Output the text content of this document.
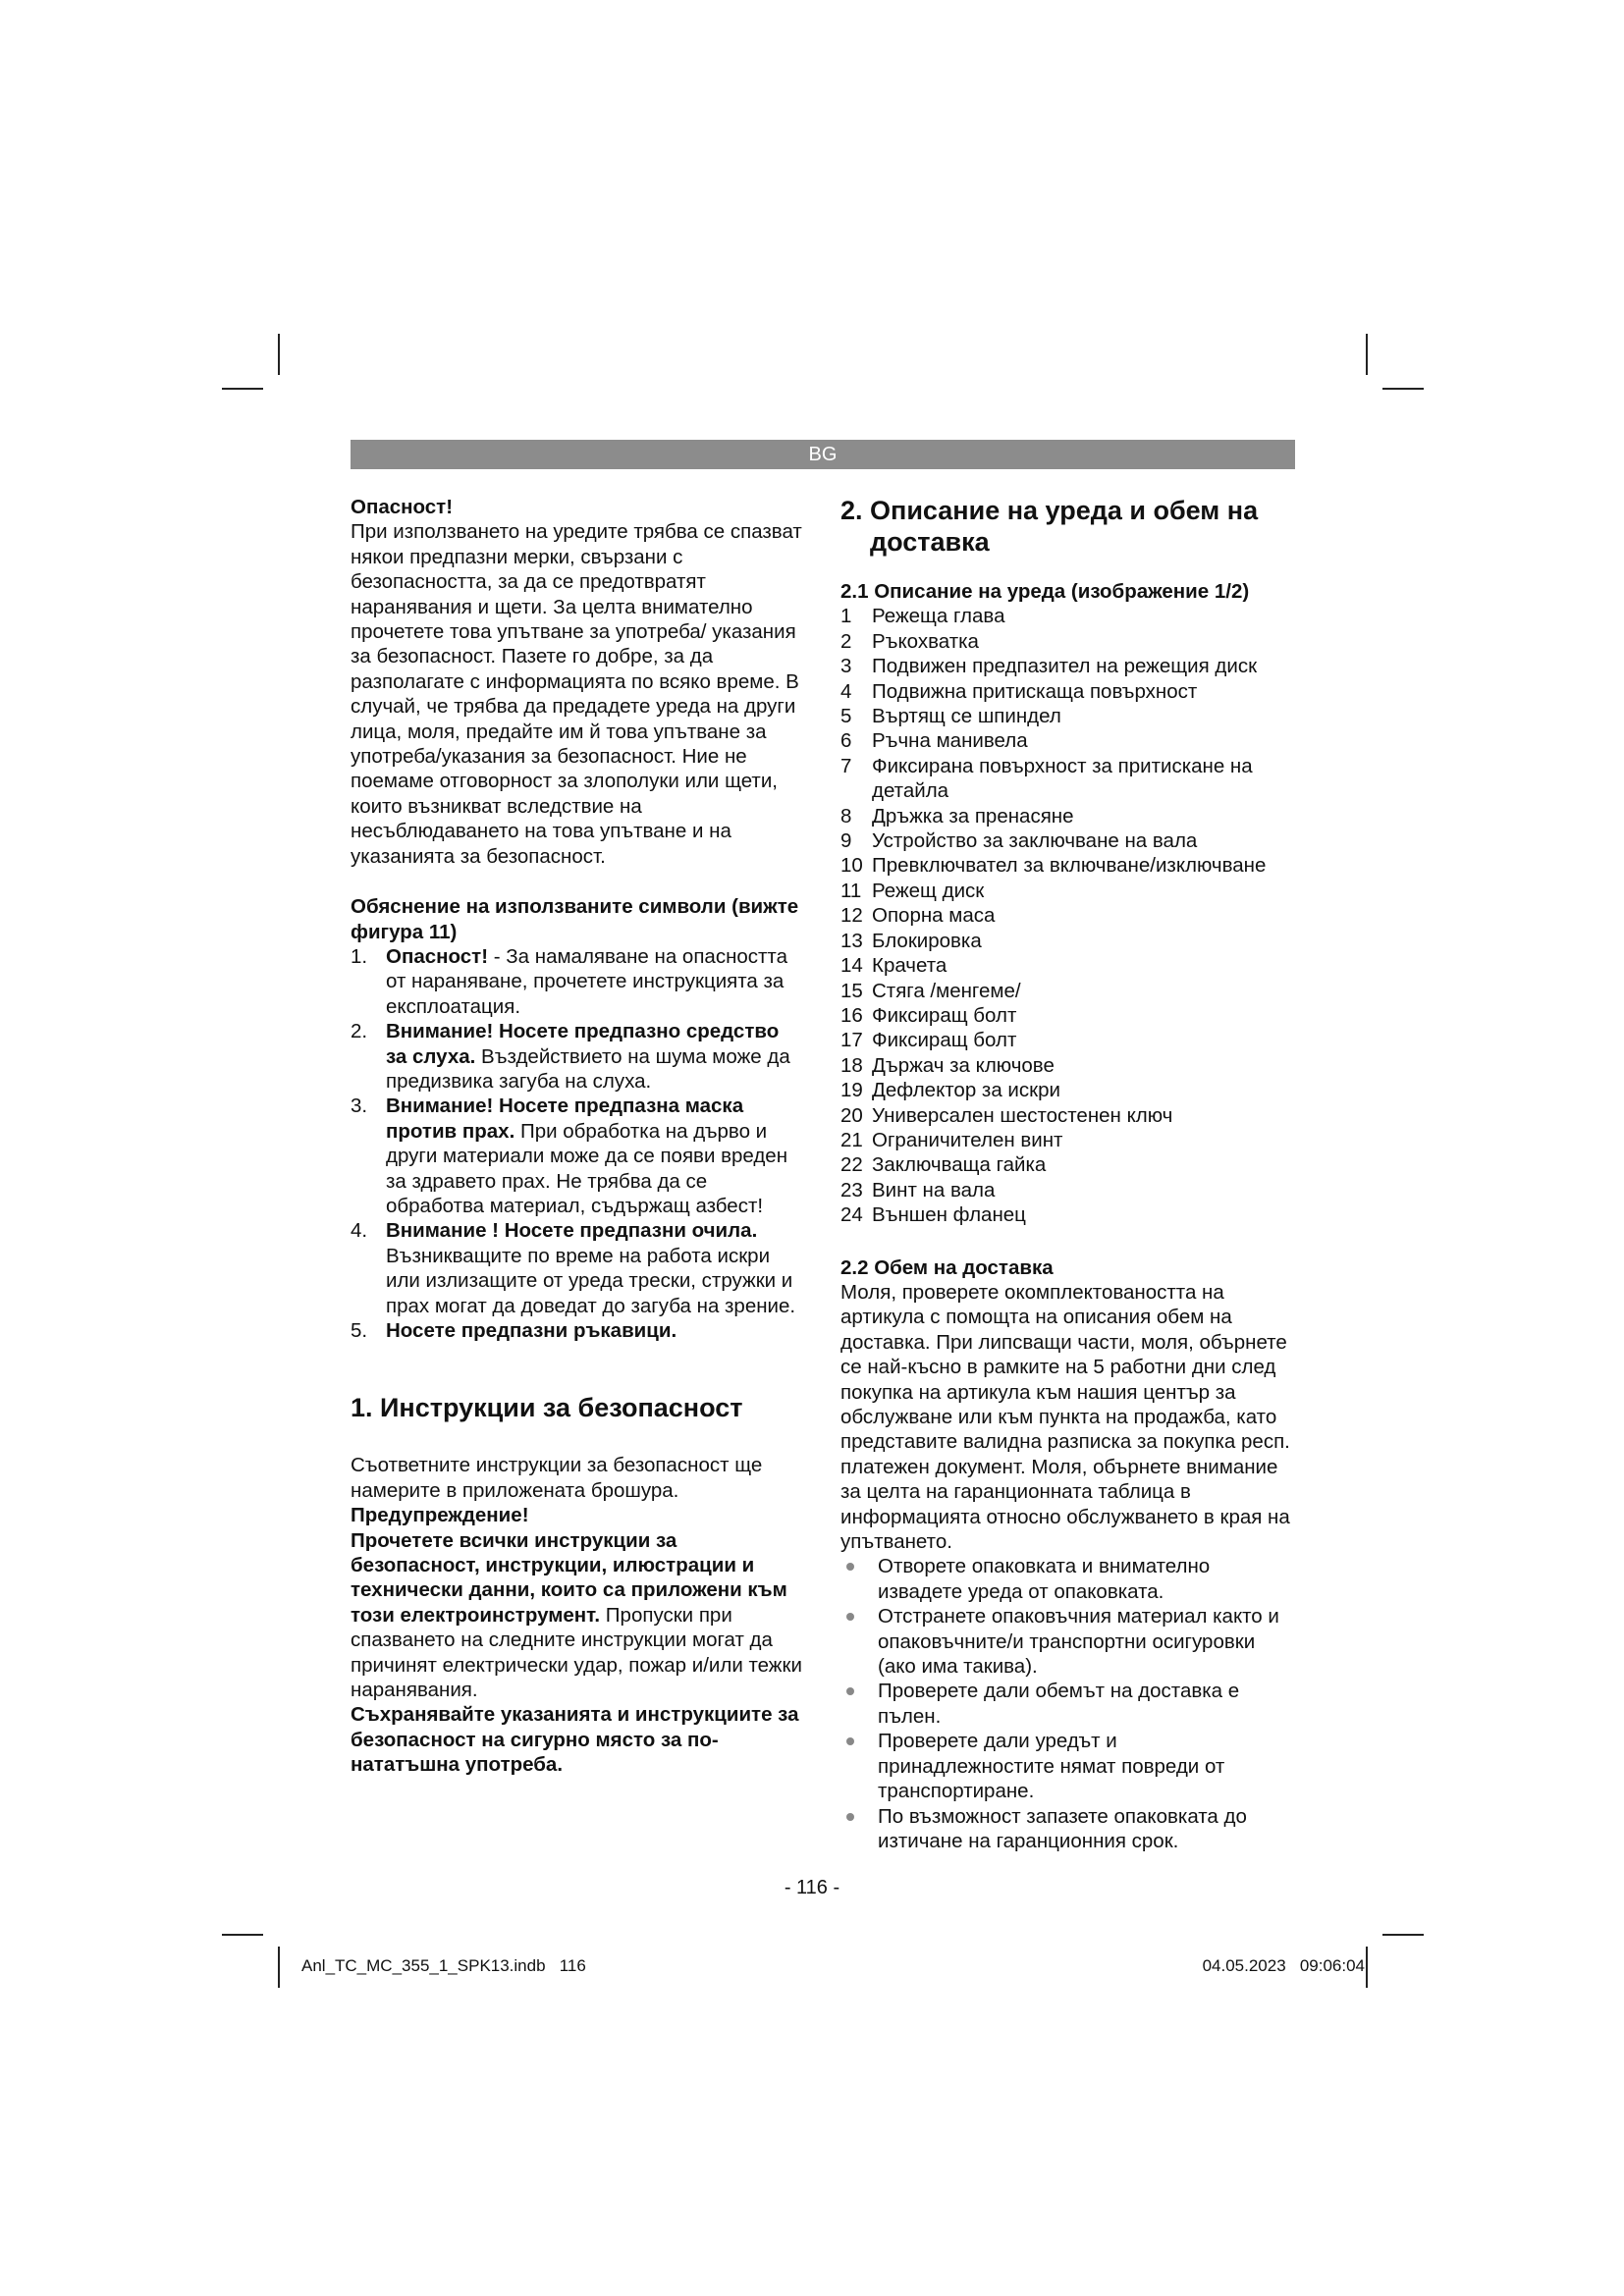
BG

Опасност!

При използването на уредите трябва се спазват някои предпазни мерки, свързани с безопасността, за да се предотвратят наранявания и щети. За целта внимателно прочетете това упътване за употреба/ указания за безопасност. Пазете го добре, за да разполагате с информацията по всяко време. В случай, че трябва да предадете уреда на други лица, моля, предайте им й това упътване за употреба/указания за безопасност. Ние не поемаме отговорност за злополуки или щети, които възникват вследствие на несъблюдаването на това упътване и на указанията за безопасност.

Обяснение на използваните символи (вижте фигура 11)

1. Опасност! - За намаляване на опасността от нараняване, прочетете инструкцията за експлоатация.
2. Внимание! Носете предпазно средство за слуха. Въздействието на шума може да предизвика загуба на слуха.
3. Внимание! Носете предпазна маска против прах. При обработка на дърво и други материали може да се появи вреден за здравето прах. Не трябва да се обработва материал, съдържащ азбест!
4. Внимание ! Носете предпазни очила. Възникващите по време на работа искри или излизащите от уреда трески, стружки и прах могат да доведат до загуба на зрение.
5. Носете предпазни ръкавици.

1. Инструкции за безопасност

Съответните инструкции за безопасност ще намерите в приложената брошура.

Предупреждение!

Прочетете всички инструкции за безопасност, инструкции, илюстрации и технически данни, които са приложени към този електроинструмент. Пропуски при спазването на следните инструкции могат да причинят електрически удар, пожар и/или тежки наранявания.

Съхранявайте указанията и инструкциите за безопасност на сигурно място за по-нататъшна употреба.

2. Описание на уреда и обем на

доставка

2.1 Описание на уреда (изображение 1/2)

1 Режеща глава
2 Ръкохватка
3 Подвижен предпазител на режещия диск
4 Подвижна притискаща повърхност
5 Въртящ се шпиндел
6 Ръчна манивела
7 Фиксирана повърхност за притискане на детайла
8 Дръжка за пренасяне
9 Устройство за заключване на вала
10 Превключвател за включване/изключване
11 Режещ диск
12 Опорна маса
13 Блокировка
14 Крачета
15 Стяга /менгеме/
16 Фиксиращ болт
17 Фиксиращ болт
18 Държач за ключове
19 Дефлектор за искри
20 Универсален шестостенен ключ
21 Ограничителен винт
22 Заключваща гайка
23 Винт на вала
24 Външен фланец

2.2 Обем на доставка

Моля, проверете окомплектоваността на артикула с помощта на описания обем на доставка. При липсващи части, моля, обърнете се най-късно в рамките на 5 работни дни след покупка на артикула към нашия център за обслужване или към пункта на продажба, като представите валидна разписка за покупка респ. платежен документ. Моля, обърнете внимание за целта на гаранционната таблица в информацията относно обслужването в края на упътването.

Отворете опаковката и внимателно извадете уреда от опаковката.
Отстранете опаковъчния материал както и опаковъчните/и транспортни осигуровки (ако има такива).
Проверете дали обемът на доставка е пълен.
Проверете дали уредът и принадлежностите нямат повреди от транспортиране.
По възможност запазете опаковката до изтичане на гаранционния срок.
- 116 -
Anl_TC_MC_355_1_SPK13.indb   116	04.05.2023   09:06:04
